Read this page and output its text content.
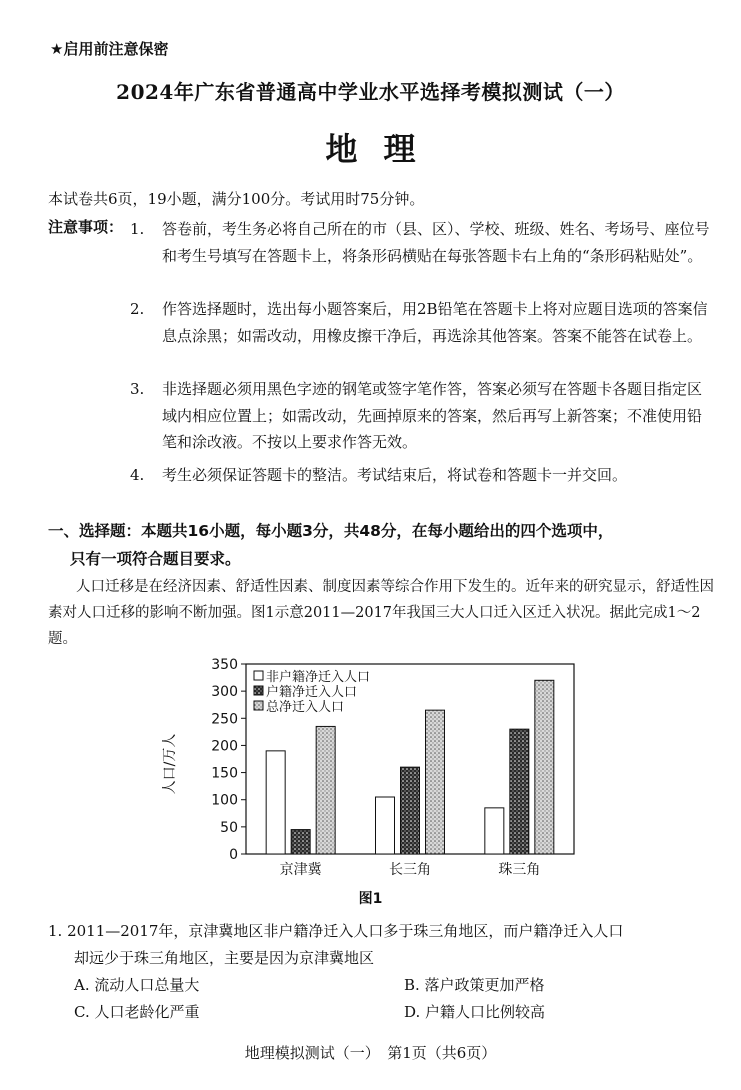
★启用前注意保密
2024年广东省普通高中学业水平选择考模拟测试（一）
地理
本试卷共6页，19小题，满分100分。考试用时75分钟。
注意事项： 1.	答卷前，考生务必将自己所在的市（县、区）、学校、班级、姓名、考场号、座位号和考生号填写在答题卡上，将条形码横贴在每张答题卡右上角的“条形码粘贴处”。
2.	作答选择题时，选出每小题答案后，用2B铅笔在答题卡上将对应题目选项的答案信息点涂黑；如需改动，用橡皮擦干净后，再选涂其他答案。答案不能答在试卷上。
3.	非选择题必须用黑色字迹的钢笔或签字笔作答，答案必须写在答题卡各题目指定区域内相应位置上；如需改动，先画掉原来的答案，然后再写上新答案；不准使用铅笔和涂改液。不按以上要求作答无效。
4.	考生必须保证答题卡的整洁。考试结束后，将试卷和答题卡一并交回。
一、选择题：本题共16小题，每小题3分，共48分，在每小题给出的四个选项中，
只有一项符合题目要求。
人口迁移是在经济因素、舒适性因素、制度因素等综合作用下发生的。近年来的研究显示，舒适性因素对人口迁移的影响不断加强。图1示意2011—2017年我国三大人口迁入区迁入状况。据此完成1～2题。
0
50
100
150
200
250
300
350
人口/万人
京津冀	长三角	珠三角
非户籍净迁入人口
户籍净迁入人口
总净迁入人口
图1
1. 2011—2017年，京津冀地区非户籍净迁入人口多于珠三角地区，而户籍净迁入人口
却远少于珠三角地区，主要是因为京津冀地区
A. 流动人口总量大	B. 落户政策更加严格
C. 人口老龄化严重	D. 户籍人口比例较高
地理模拟测试（一）　第1页（共6页）
